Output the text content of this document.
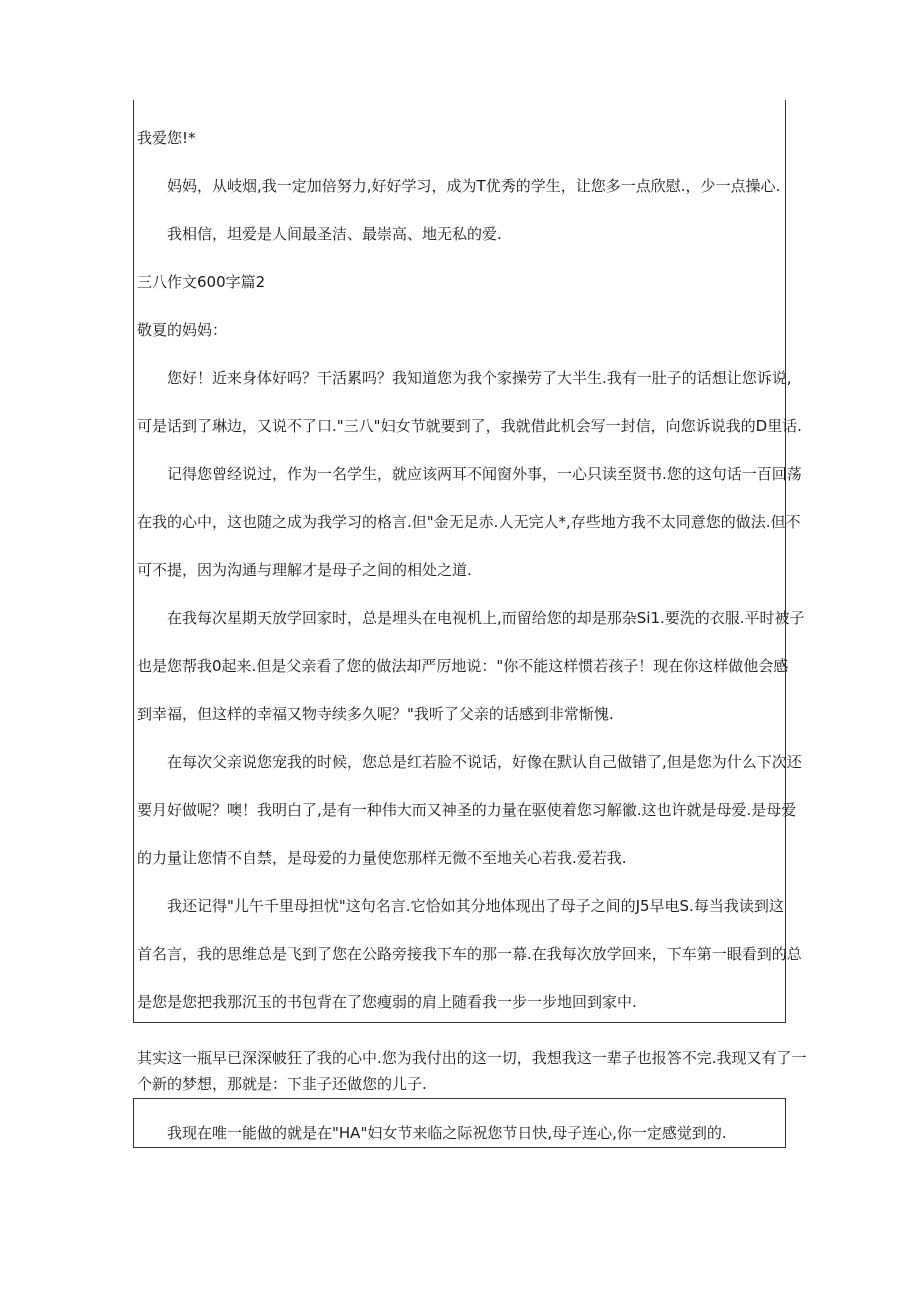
我爱您!*
妈妈，从岐烟,我一定加倍努力,好好学习，成为T优秀的学生，让您多一点欣慰.，少一点操心.
我相信，坦爱是人间最圣洁、最崇高、地无私的爱.
三八作文600字篇2
敬夏的妈妈：
您好！近来身体好吗？干活累吗？我知道您为我个家操劳了大半生.我有一肚子的话想让您诉说,
可是话到了琳边，又说不了口."三八"妇女节就要到了，我就借此机会写一封信，向您诉说我的D里话.
记得您曾经说过，作为一名学生，就应该两耳不闻窗外事，一心只读至贤书.您的这句话一百回荡
在我的心中，这也随之成为我学习的格言.但"金无足赤.人无完人*,存些地方我不太同意您的做法.但不
可不提，因为沟通与理解才是母子之间的相处之道.
在我每次星期天放学回家时，总是埋头在电视机上,而留给您的却是那杂Si1.要洗的衣服.平时被子
也是您帮我0起来.但是父亲看了您的做法却严厉地说："你不能这样惯若孩子！现在你这样做他会感
到幸福，但这样的幸福又物寺续多久呢？"我听了父亲的话感到非常惭愧.
在每次父亲说您宠我的时候，您总是红若脸不说话，好像在默认自己做错了,但是您为什么下次还
要月好做呢？噢！我明白了,是有一种伟大而又神圣的力量在驱使着您习解徽.这也许就是母爱.是母爱
的力量让您情不自禁，是母爱的力量使您那样无微不至地关心若我.爱若我.
我还记得"儿午千里母担忧"这句名言.它恰如其分地体现出了母子之间的J5早电S.每当我读到这
首名言，我的思维总是飞到了您在公路旁接我下车的那一幕.在我每次放学回来，下车第一眼看到的总
是您是您把我那沉玉的书包背在了您瘦弱的肩上随看我一步一步地回到家中.
其实这一瓶早已深深帔狂了我的心中.您为我付出的这一切，我想我这一辈子也报答不完.我现又有了一
个新的梦想，那就是：下韭子还做您的儿子.
我现在唯一能做的就是在"HA"妇女节来临之际祝您节日快,母子连心,你一定感觉到的.
